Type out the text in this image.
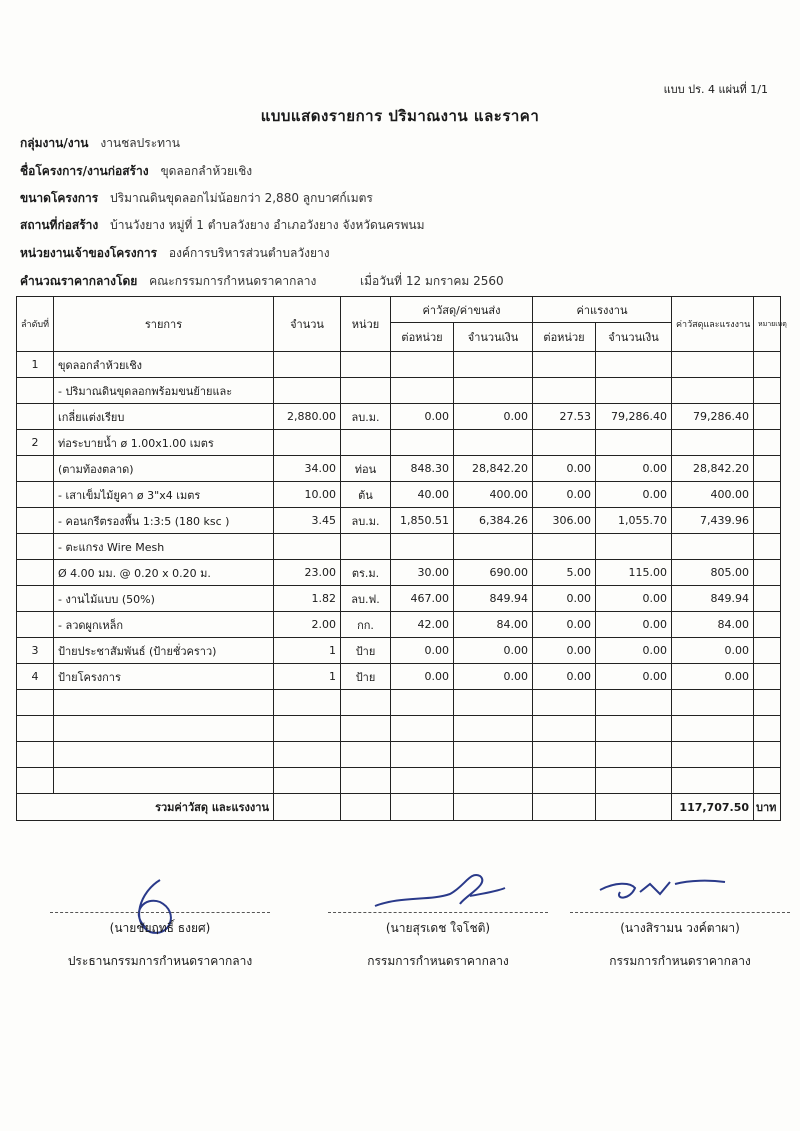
แบบ ปร. 4 แผ่นที่ 1/1
แบบแสดงรายการ ปริมาณงาน และราคา
กลุ่มงาน/งาน งานชลประทาน
ชื่อโครงการ/งานก่อสร้าง ขุดลอกลำห้วยเชิง
ขนาดโครงการ ปริมาณดินขุดลอกไม่น้อยกว่า 2,880 ลูกบาศก์เมตร
สถานที่ก่อสร้าง บ้านวังยาง หมู่ที่ 1 ตำบลวังยาง อำเภอวังยาง จังหวัดนครพนม
หน่วยงานเจ้าของโครงการ องค์การบริหารส่วนตำบลวังยาง
คำนวณราคากลางโดย คณะกรรมการกำหนดราคากลาง	เมื่อวันที่ 12 มกราคม 2560
ลำดับที่	รายการ	จำนวน	หน่วย	ค่าวัสดุ/ค่าขนส่ง		ค่าแรงงาน		ค่าวัสดุและแรงงาน	หมายเหตุ
				ต่อหน่วย	จำนวนเงิน	ต่อหน่วย	จำนวนเงิน		
1	ขุดลอกลำห้วยเชิง								
	- ปริมาณดินขุดลอกพร้อมขนย้ายและ								
	เกลี่ยแต่งเรียบ	2,880.00	ลบ.ม.	0.00	0.00	27.53	79,286.40	79,286.40	
2	ท่อระบายน้ำ ø 1.00x1.00 เมตร								
	(ตามท้องตลาด)	34.00	ท่อน	848.30	28,842.20	0.00	0.00	28,842.20	
	- เสาเข็มไม้ยูคา ø 3"x4 เมตร	10.00	ต้น	40.00	400.00	0.00	0.00	400.00	
	- คอนกรีตรองพื้น 1:3:5 (180 ksc )	3.45	ลบ.ม.	1,850.51	6,384.26	306.00	1,055.70	7,439.96	
	- ตะแกรง Wire Mesh								
	Ø 4.00 มม. @ 0.20 x 0.20 ม.	23.00	ตร.ม.	30.00	690.00	5.00	115.00	805.00	
	- งานไม้แบบ (50%)	1.82	ลบ.ฟ.	467.00	849.94	0.00	0.00	849.94	
	- ลวดผูกเหล็ก	2.00	กก.	42.00	84.00	0.00	0.00	84.00	
3	ป้ายประชาสัมพันธ์ (ป้ายชั่วคราว)	1	ป้าย	0.00	0.00	0.00	0.00	0.00	
4	ป้ายโครงการ	1	ป้าย	0.00	0.00	0.00	0.00	0.00	

	รวมค่าวัสดุ และแรงงาน							117,707.50	บาท
(นายชัยฤทธิ์ ธงยศ)
ประธานกรรมการกำหนดราคากลาง
(นายสุรเดช ใจโชติ)
กรรมการกำหนดราคากลาง
(นางสิรามน วงค์ตาผา)
กรรมการกำหนดราคากลาง
